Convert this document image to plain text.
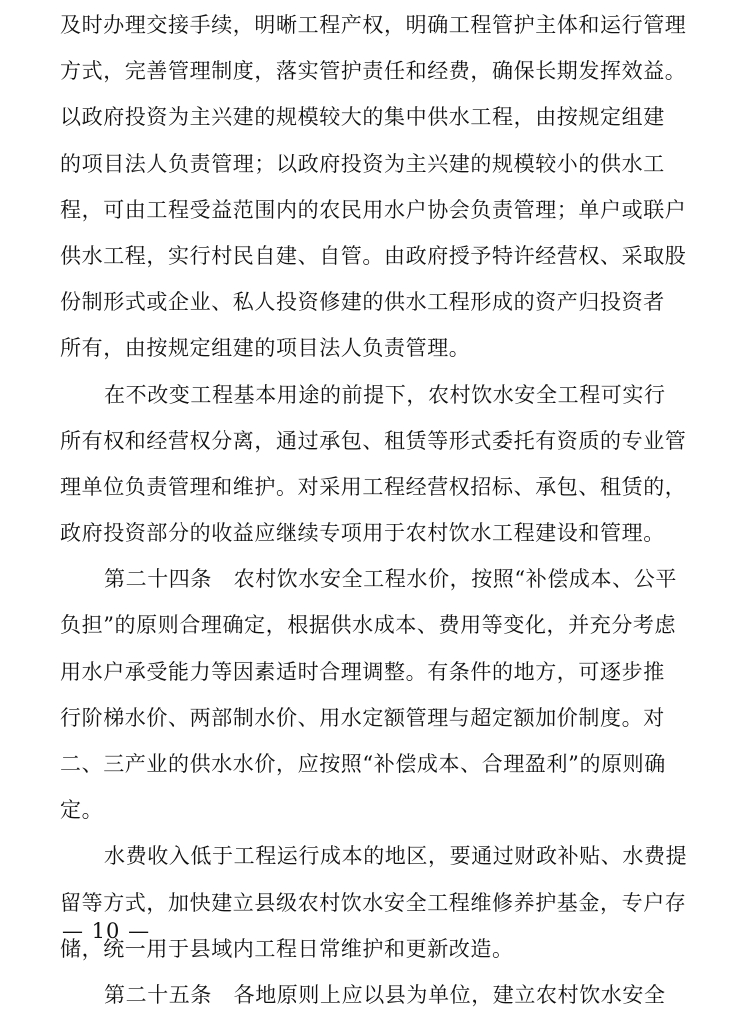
及时办理交接手续，明晰工程产权，明确工程管护主体和运行管理
方式，完善管理制度，落实管护责任和经费，确保长期发挥效益。
以政府投资为主兴建的规模较大的集中供水工程，由按规定组建
的项目法人负责管理；以政府投资为主兴建的规模较小的供水工
程，可由工程受益范围内的农民用水户协会负责管理；单户或联户
供水工程，实行村民自建、自管。由政府授予特许经营权、采取股
份制形式或企业、私人投资修建的供水工程形成的资产归投资者
所有，由按规定组建的项目法人负责管理。
在不改变工程基本用途的前提下，农村饮水安全工程可实行
所有权和经营权分离，通过承包、租赁等形式委托有资质的专业管
理单位负责管理和维护。对采用工程经营权招标、承包、租赁的，
政府投资部分的收益应继续专项用于农村饮水工程建设和管理。
第二十四条　农村饮水安全工程水价，按照“补偿成本、公平
负担”的原则合理确定，根据供水成本、费用等变化，并充分考虑
用水户承受能力等因素适时合理调整。有条件的地方，可逐步推
行阶梯水价、两部制水价、用水定额管理与超定额加价制度。对
二、三产业的供水水价，应按照“补偿成本、合理盈利”的原则确
定。
水费收入低于工程运行成本的地区，要通过财政补贴、水费提
留等方式，加快建立县级农村饮水安全工程维修养护基金，专户存
储，统一用于县域内工程日常维护和更新改造。
第二十五条　各地原则上应以县为单位，建立农村饮水安全
— 10 —
